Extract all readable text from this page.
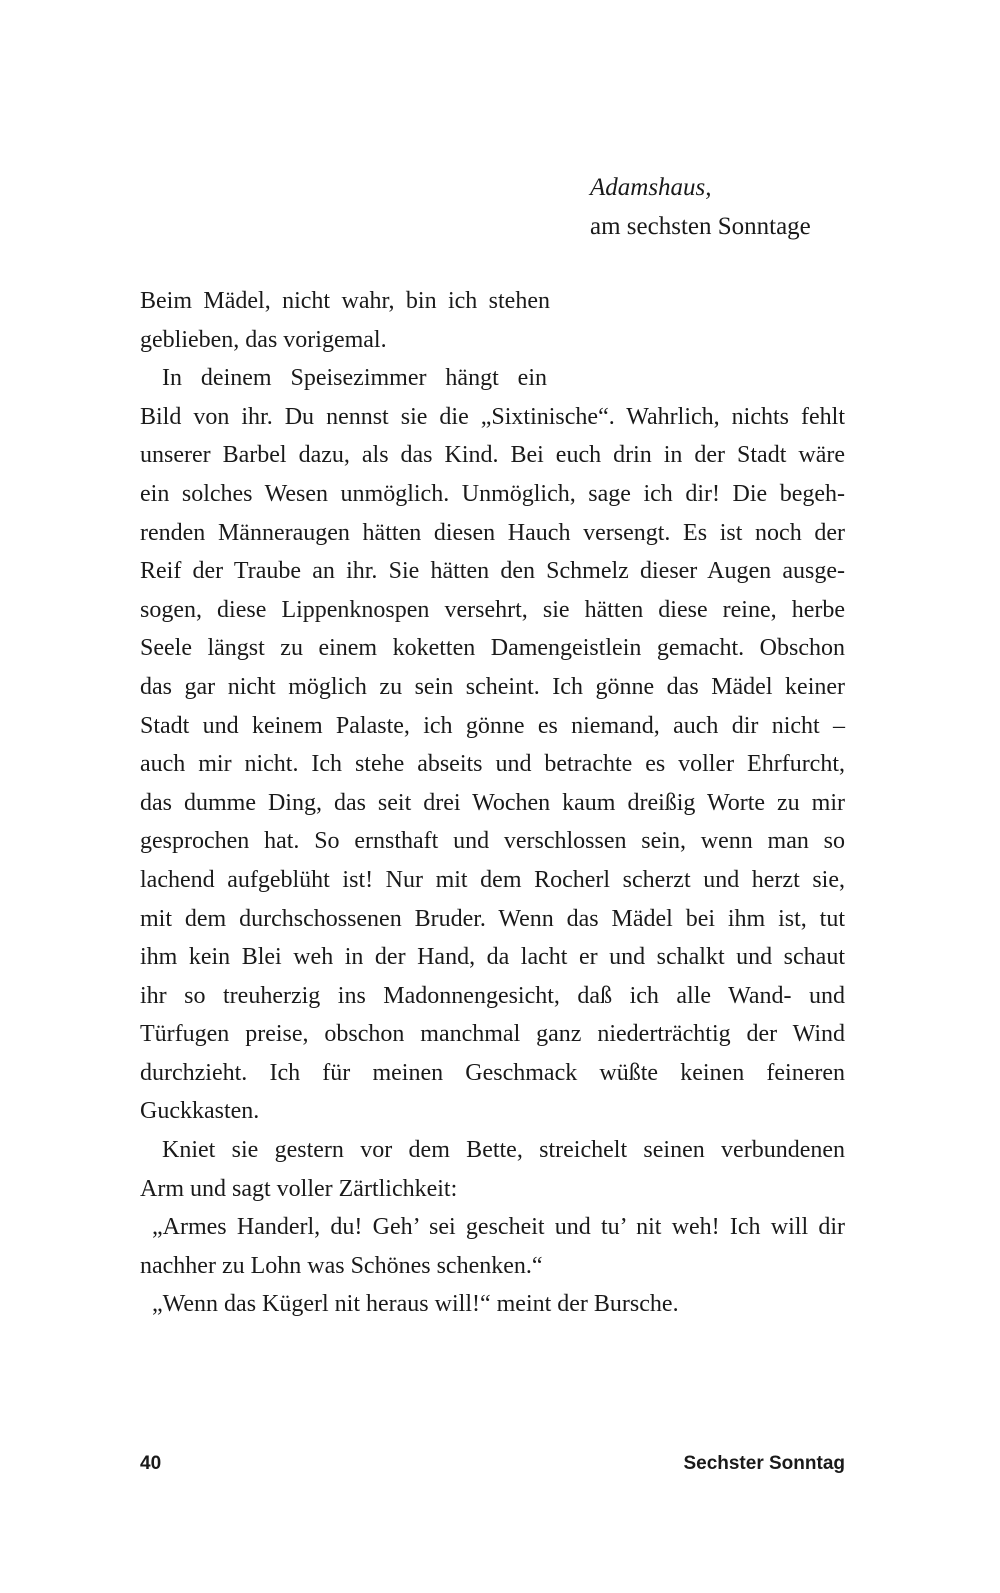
Adamshaus,
am sechsten Sonntage

Beim Mädel, nicht wahr, bin ich stehen
geblieben, das vorigemal.

In deinem Speisezimmer hängt ein
Bild von ihr. Du nennst sie die „Sixtinische“. Wahrlich, nichts fehlt
unserer Barbel dazu, als das Kind. Bei euch drin in der Stadt wäre
ein solches Wesen unmöglich. Unmöglich, sage ich dir! Die begeh-
renden Männeraugen hätten diesen Hauch versengt. Es ist noch der
Reif der Traube an ihr. Sie hätten den Schmelz dieser Augen ausge-
sogen, diese Lippenknospen versehrt, sie hätten diese reine, herbe
Seele längst zu einem koketten Damengeistlein gemacht. Obschon
das gar nicht möglich zu sein scheint. Ich gönne das Mädel keiner
Stadt und keinem Palaste, ich gönne es niemand, auch dir nicht –
auch mir nicht. Ich stehe abseits und betrachte es voller Ehrfurcht,
das dumme Ding, das seit drei Wochen kaum dreißig Worte zu mir
gesprochen hat. So ernsthaft und verschlossen sein, wenn man so
lachend aufgeblüht ist! Nur mit dem Rocherl scherzt und herzt sie,
mit dem durchschossenen Bruder. Wenn das Mädel bei ihm ist, tut
ihm kein Blei weh in der Hand, da lacht er und schalkt und schaut
ihr so treuherzig ins Madonnengesicht, daß ich alle Wand- und
Türfugen preise, obschon manchmal ganz niederträchtig der Wind
durchzieht. Ich für meinen Geschmack wüßte keinen feineren
Guckkasten.

Kniet sie gestern vor dem Bette, streichelt seinen verbundenen
Arm und sagt voller Zärtlichkeit:

„Armes Handerl, du! Geh’ sei gescheit und tu’ nit weh! Ich will dir
nachher zu Lohn was Schönes schenken.“

„Wenn das Kügerl nit heraus will!“ meint der Bursche.

40	Sechster Sonntag
